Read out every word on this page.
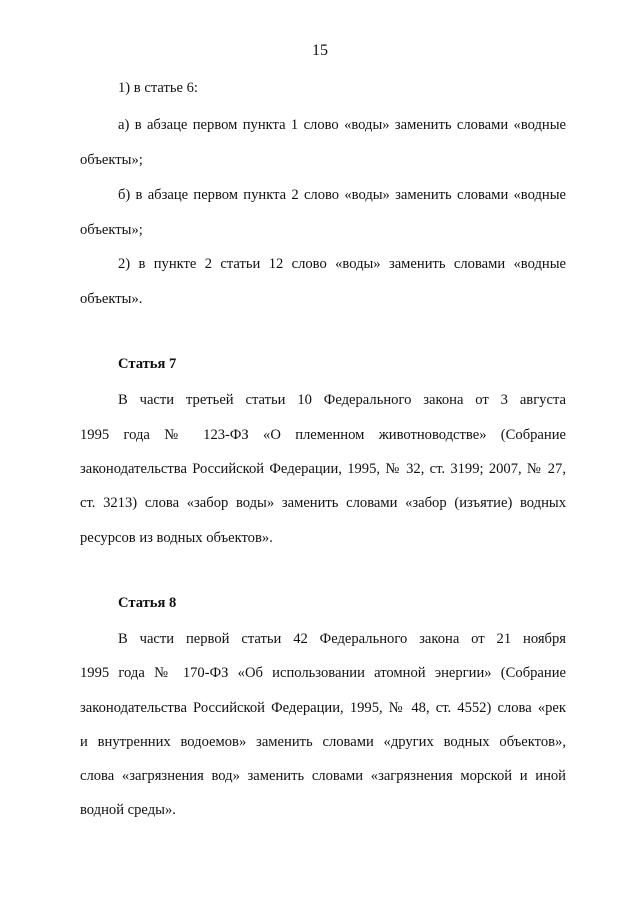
15
1) в статье 6:
а) в абзаце первом пункта 1 слово «воды» заменить словами «водные
объекты»;
б) в абзаце первом пункта 2 слово «воды» заменить словами «водные
объекты»;
2) в пункте 2 статьи 12 слово «воды» заменить словами «водные
объекты».
Статья 7
В части третьей статьи 10 Федерального закона от 3 августа
1995 года № 123-ФЗ «О племенном животноводстве» (Собрание
законодательства Российской Федерации, 1995, № 32, ст. 3199; 2007, № 27,
ст. 3213) слова «забор воды» заменить словами «забор (изъятие) водных
ресурсов из водных объектов».
Статья 8
В части первой статьи 42 Федерального закона от 21 ноября
1995 года № 170-ФЗ «Об использовании атомной энергии» (Собрание
законодательства Российской Федерации, 1995, № 48, ст. 4552) слова «рек
и внутренних водоемов» заменить словами «других водных объектов»,
слова «загрязнения вод» заменить словами «загрязнения морской и иной
водной среды».
